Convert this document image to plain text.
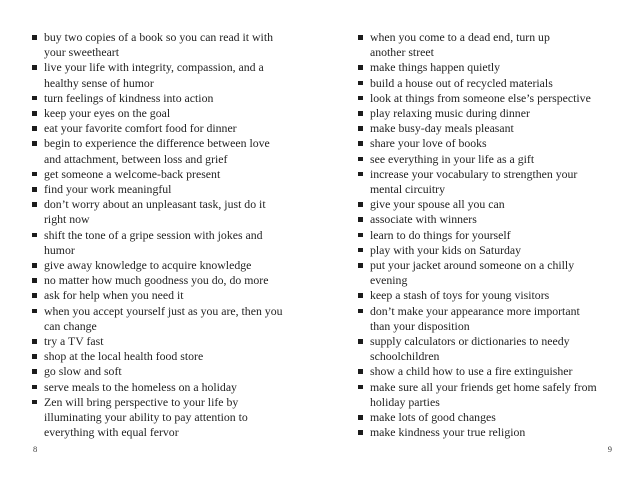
buy two copies of a book so you can read it with
your sweetheart
live your life with integrity, compassion, and a
healthy sense of humor
turn feelings of kindness into action
keep your eyes on the goal
eat your favorite comfort food for dinner
begin to experience the difference between love
and attachment, between loss and grief
get someone a welcome-back present
find your work meaningful
don’t worry about an unpleasant task, just do it
right now
shift the tone of a gripe session with jokes and
humor
give away knowledge to acquire knowledge
no matter how much goodness you do, do more
ask for help when you need it
when you accept yourself just as you are, then you
can change
try a TV fast
shop at the local health food store
go slow and soft
serve meals to the homeless on a holiday
Zen will bring perspective to your life by
illuminating your ability to pay attention to
everything with equal fervor
8
when you come to a dead end, turn up
another street
make things happen quietly
build a house out of recycled materials
look at things from someone else’s perspective
play relaxing music during dinner
make busy-day meals pleasant
share your love of books
see everything in your life as a gift
increase your vocabulary to strengthen your
mental circuitry
give your spouse all you can
associate with winners
learn to do things for yourself
play with your kids on Saturday
put your jacket around someone on a chilly
evening
keep a stash of toys for young visitors
don’t make your appearance more important
than your disposition
supply calculators or dictionaries to needy
schoolchildren
show a child how to use a fire extinguisher
make sure all your friends get home safely from
holiday parties
make lots of good changes
make kindness your true religion
9
